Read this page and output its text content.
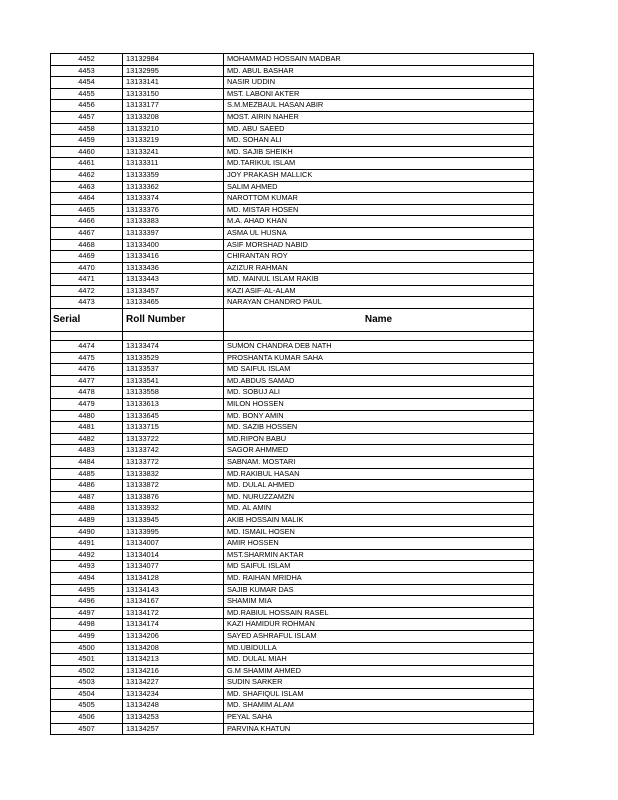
4452	13132984	MOHAMMAD HOSSAIN MADBAR
4453	13132995	MD. ABUL BASHAR
4454	13133141	NASIR UDDIN
4455	13133150	MST. LABONI AKTER
4456	13133177	S.M.MEZBAUL HASAN ABIR
4457	13133208	MOST. AIRIN NAHER
4458	13133210	MD. ABU SAEED
4459	13133219	MD. SOHAN ALI
4460	13133241	MD. SAJIB SHEIKH
4461	13133311	MD.TARIKUL ISLAM
4462	13133359	JOY PRAKASH MALLICK
4463	13133362	SALIM AHMED
4464	13133374	NAROTTOM KUMAR
4465	13133376	MD. MISTAR HOSEN
4466	13133383	M.A. AHAD KHAN
4467	13133397	ASMA UL HUSNA
4468	13133400	ASIF MORSHAD NABID
4469	13133416	CHIRANTAN ROY
4470	13133436	AZIZUR RAHMAN
4471	13133443	MD. MAINUL ISLAM RAKIB
4472	13133457	KAZI ASIF-AL-ALAM
4473	13133465	NARAYAN CHANDRO PAUL
Serial	Roll Number	Name

4474	13133474	SUMON CHANDRA DEB NATH
4475	13133529	PROSHANTA KUMAR SAHA
4476	13133537	MD SAIFUL ISLAM
4477	13133541	MD.ABDUS SAMAD
4478	13133558	MD. SOBUJ ALI
4479	13133613	MILON HOSSEN
4480	13133645	MD. BONY AMIN
4481	13133715	MD. SAZIB HOSSEN
4482	13133722	MD.RIPON BABU
4483	13133742	SAGOR AHMMED
4484	13133772	SABNAM. MOSTARI
4485	13133832	MD.RAKIBUL HASAN
4486	13133872	MD. DULAL AHMED
4487	13133876	MD. NURUZZAMZN
4488	13133932	MD. AL AMIN
4489	13133945	AKIB HOSSAIN MALIK
4490	13133995	MD. ISMAIL HOSEN
4491	13134007	AMIR HOSSEN
4492	13134014	MST.SHARMIN AKTAR
4493	13134077	MD SAIFUL ISLAM
4494	13134128	MD. RAIHAN MRIDHA
4495	13134143	SAJIB KUMAR DAS
4496	13134167	SHAMIM MIA
4497	13134172	MD.RABIUL HOSSAIN RASEL
4498	13134174	KAZI HAMIDUR ROHMAN
4499	13134206	SAYED ASHRAFUL ISLAM
4500	13134208	MD.UBIDULLA
4501	13134213	MD. DULAL MIAH
4502	13134216	G.M SHAMIM AHMED
4503	13134227	SUDIN SARKER
4504	13134234	MD. SHAFIQUL ISLAM
4505	13134248	MD. SHAMIM ALAM
4506	13134253	PEYAL SAHA
4507	13134257	PARVINA KHATUN
